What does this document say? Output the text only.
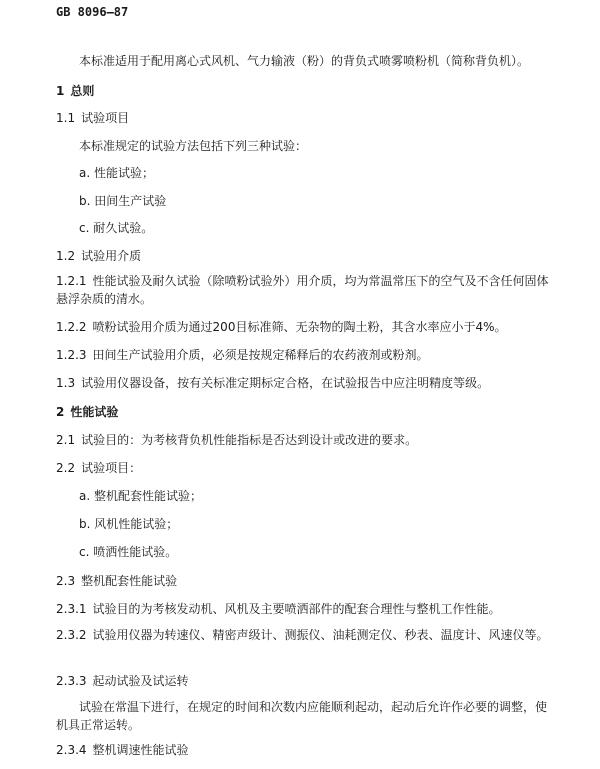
GB 8096—87
本标准适用于配用离心式风机、气力输液（粉）的背负式喷雾喷粉机（简称背负机）。
1 总则
1.1 试验项目
本标准规定的试验方法包括下列三种试验：
a. 性能试验；
b. 田间生产试验
c. 耐久试验。
1.2 试验用介质
1.2.1 性能试验及耐久试验（除喷粉试验外）用介质，均为常温常压下的空气及不含任何固体悬浮杂质的清水。
1.2.2 喷粉试验用介质为通过200目标准筛、无杂物的陶土粉，其含水率应小于4%。
1.2.3 田间生产试验用介质，必须是按规定稀释后的农药液剂或粉剂。
1.3 试验用仪器设备，按有关标准定期标定合格，在试验报告中应注明精度等级。
2 性能试验
2.1 试验目的：为考核背负机性能指标是否达到设计或改进的要求。
2.2 试验项目：
a. 整机配套性能试验；
b. 风机性能试验；
c. 喷洒性能试验。
2.3 整机配套性能试验
2.3.1 试验目的为考核发动机、风机及主要喷洒部件的配套合理性与整机工作性能。
2.3.2 试验用仪器为转速仪、精密声级计、测振仪、油耗测定仪、秒表、温度计、风速仪等。
2.3.3 起动试验及试运转
试验在常温下进行，在规定的时间和次数内应能顺利起动，起动后允许作必要的调整，使机具正常运转。
2.3.4 整机调速性能试验
